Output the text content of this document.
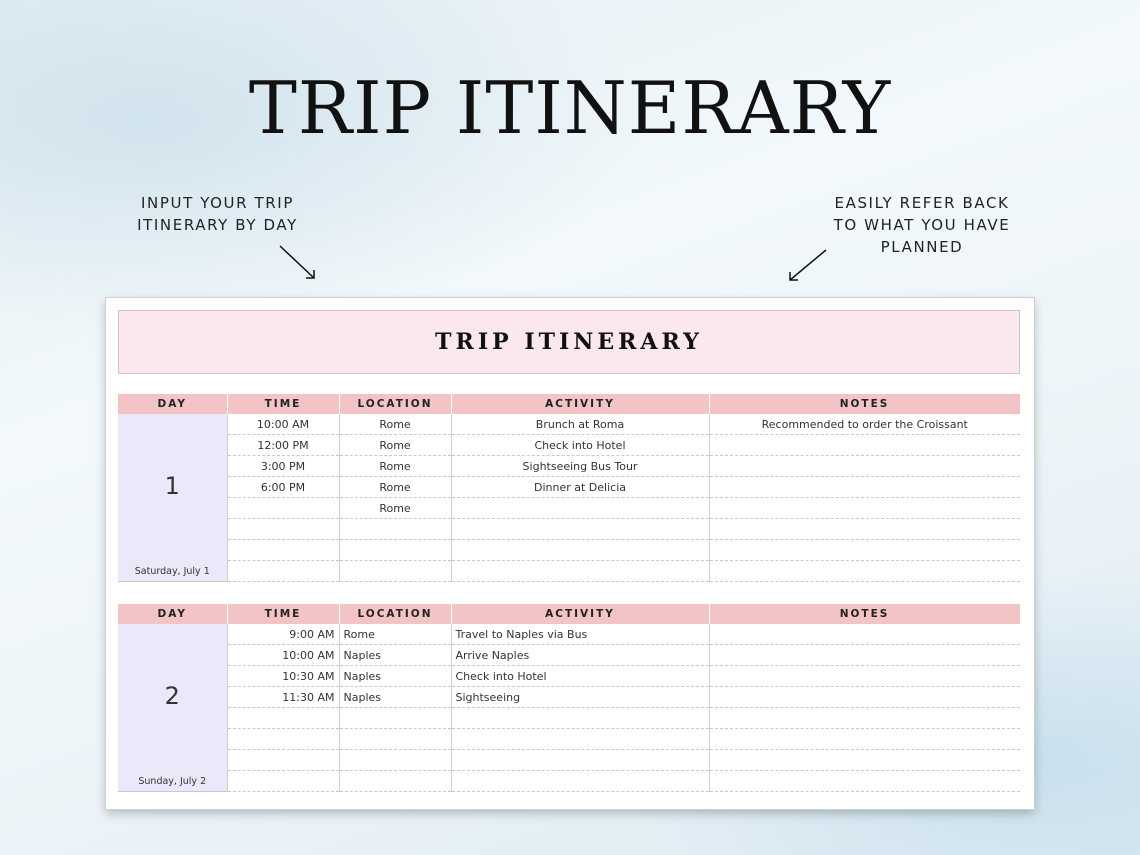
TRIP ITINERARY
INPUT YOUR TRIP ITINERARY BY DAY
EASILY REFER BACK TO WHAT YOU HAVE PLANNED
TRIP ITINERARY
DAY	TIME	LOCATION	ACTIVITY	NOTES

1
Saturday, July 1	10:00 AM	Rome	Brunch at Roma	Recommended to order the Croissant
	12:00 PM	Rome	Check into Hotel	
	3:00 PM	Rome	Sightseeing Bus Tour	
	6:00 PM	Rome	Dinner at Delicia	
		Rome		

DAY	TIME	LOCATION	ACTIVITY	NOTES

2
Sunday, July 2	9:00 AM	Rome	Travel to Naples via Bus	
	10:00 AM	Naples	Arrive Naples	
	10:30 AM	Naples	Check into Hotel	
	11:30 AM	Naples	Sightseeing	
